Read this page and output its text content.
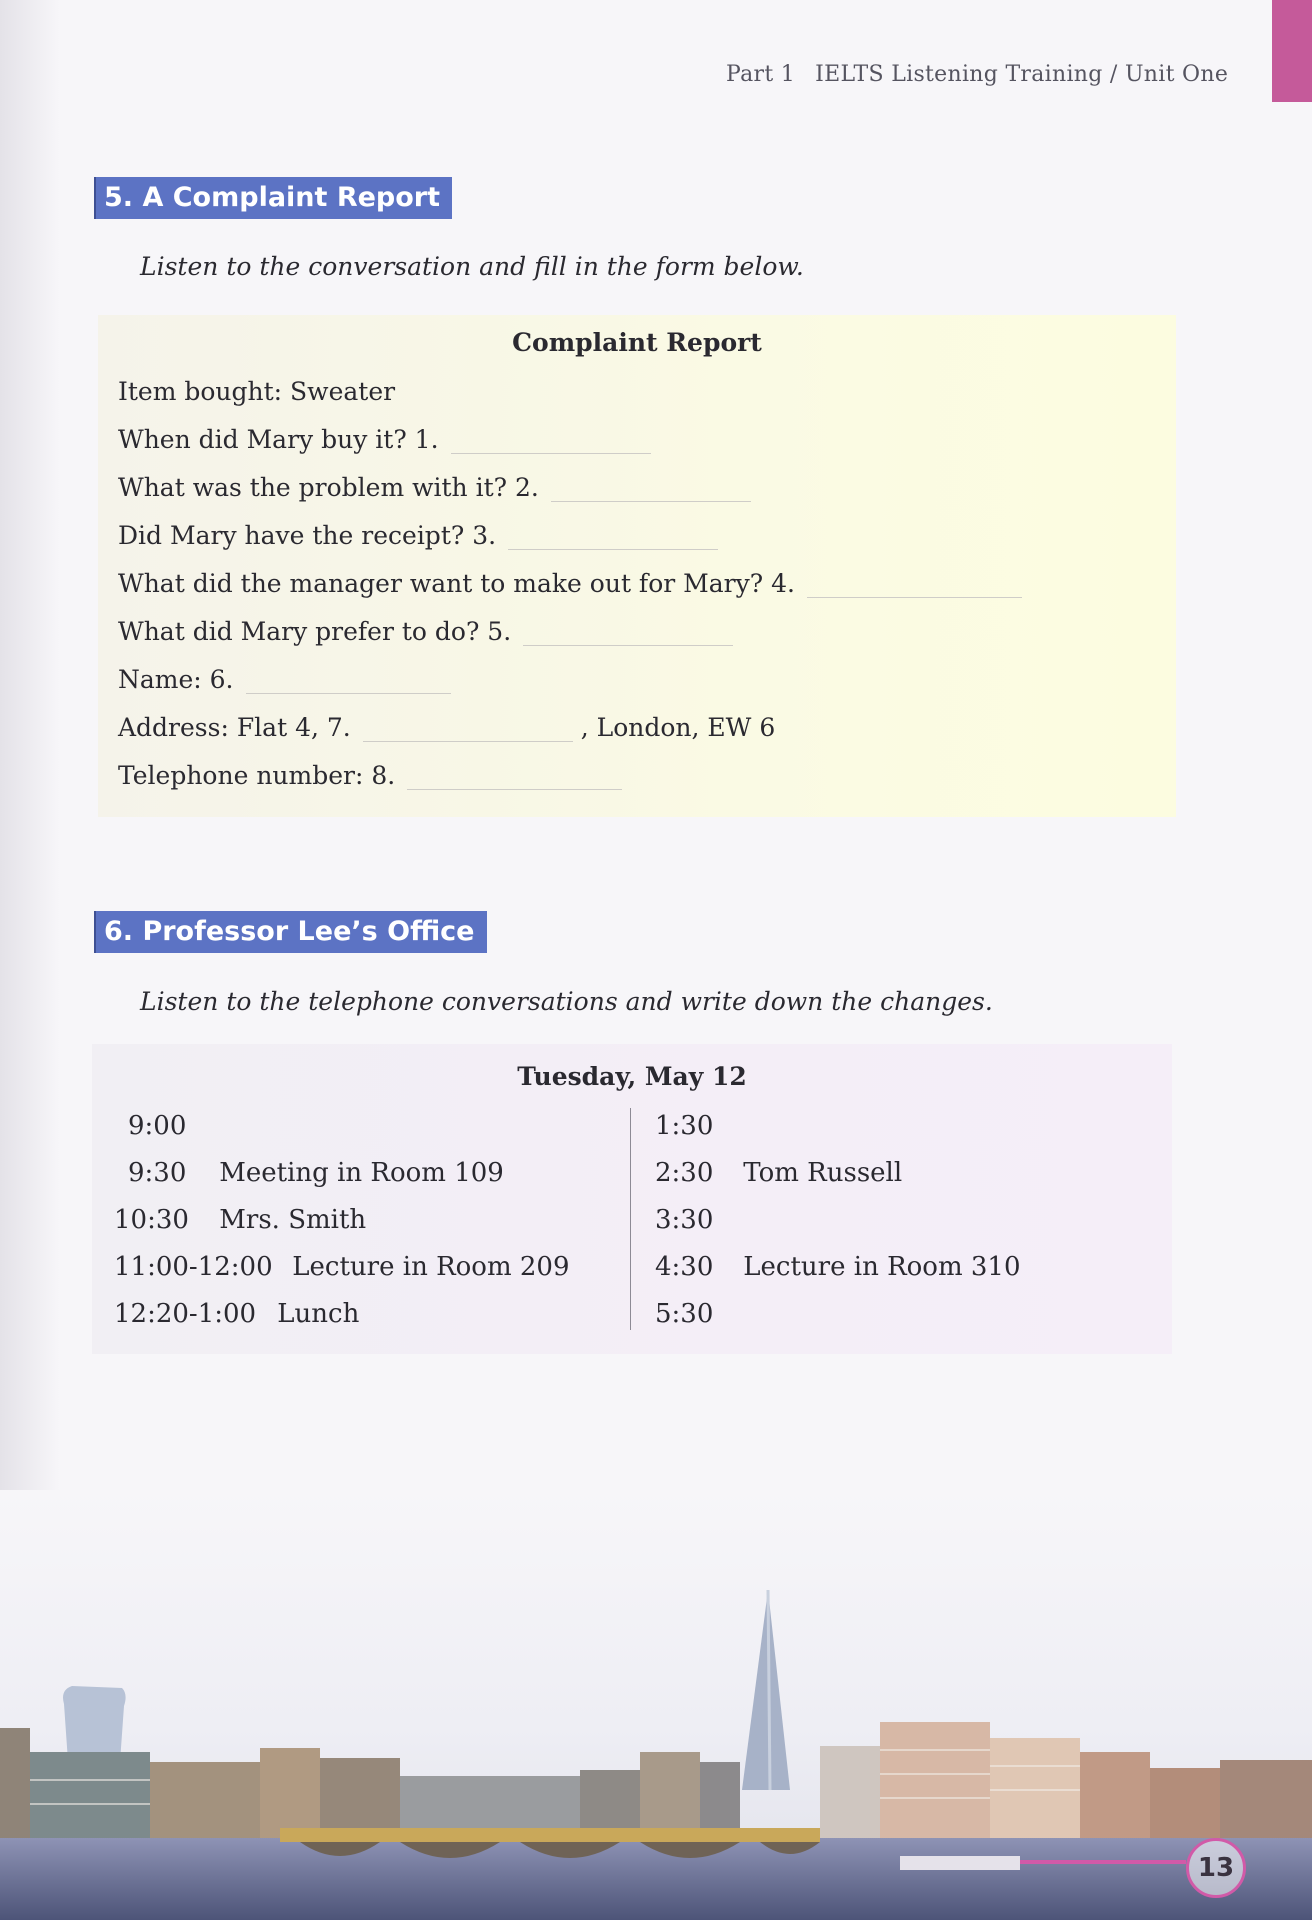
Part 1 IELTS Listening Training / Unit One
5. A Complaint Report
Listen to the conversation and fill in the form below.
Complaint Report
Item bought: Sweater
When did Mary buy it? 1.
What was the problem with it? 2.
Did Mary have the receipt? 3.
What did the manager want to make out for Mary? 4.
What did Mary prefer to do? 5.
Name: 6.
Address: Flat 4, 7.	, London, EW 6
Telephone number: 8.
6. Professor Lee’s Office
Listen to the telephone conversations and write down the changes.
Tuesday, May 12
9:00
9:30 Meeting in Room 109
10:30 Mrs. Smith
11:00-12:00 Lecture in Room 209
12:20-1:00 Lunch
1:30
2:30 Tom Russell
3:30
4:30 Lecture in Room 310
5:30
13
